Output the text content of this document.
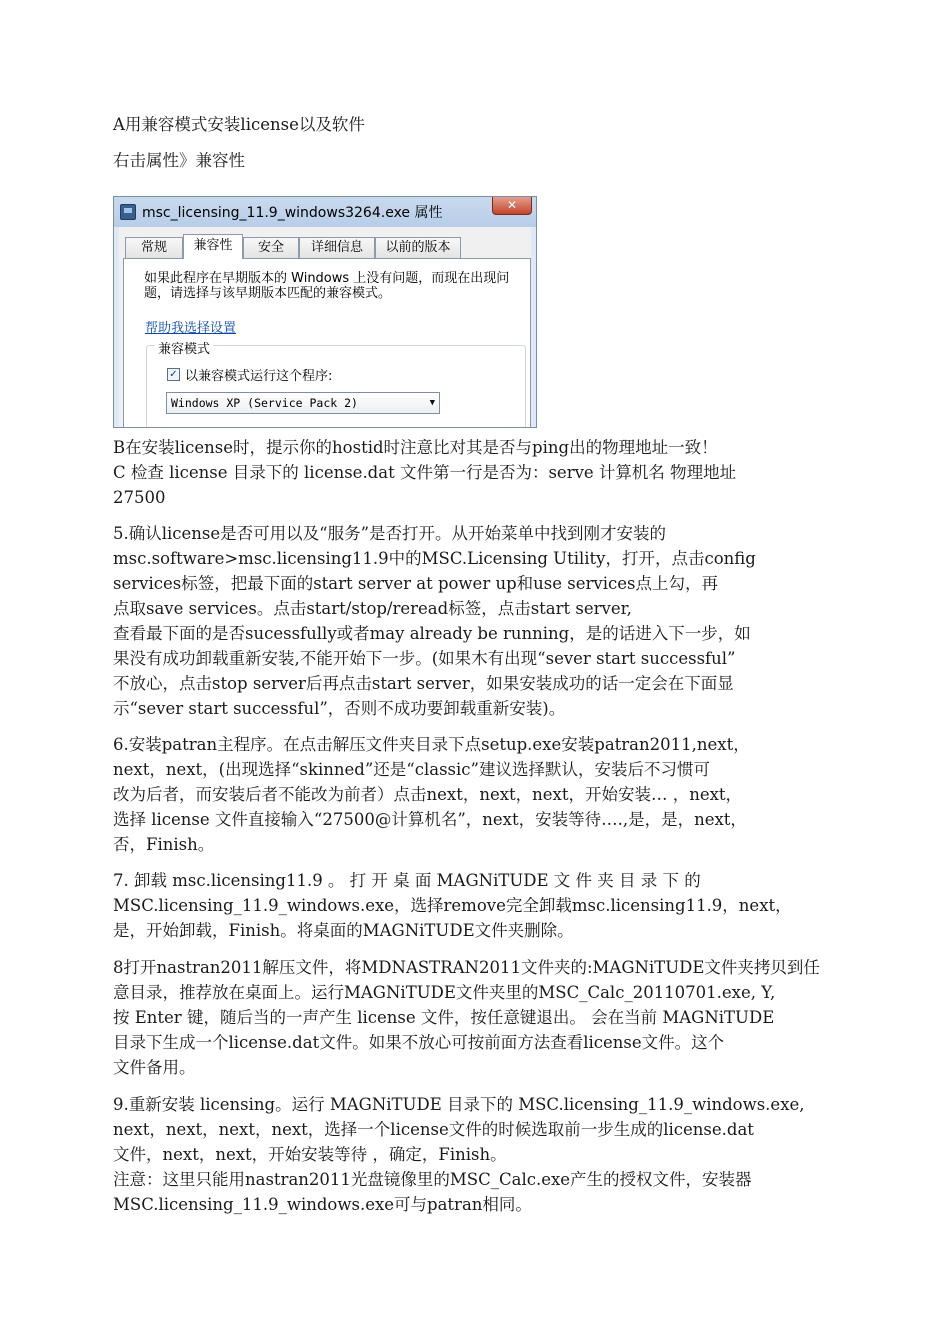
A用兼容模式安装license以及软件
右击属性》兼容性
msc_licensing_11.9_windows3264.exe 属性	✕
常规	兼容性	安全	详细信息	以前的版本
如果此程序在早期版本的 Windows 上没有问题，而现在出现问题，请选择与该早期版本匹配的兼容模式。
帮助我选择设置
兼容模式
✓ 以兼容模式运行这个程序:
Windows XP (Service Pack 2)	▼
B在安装license时，提示你的hostid时注意比对其是否与ping出的物理地址一致！
C 检查 license 目录下的 license.dat 文件第一行是否为：serve 计算机名 物理地址
27500
5.确认license是否可用以及“服务”是否打开。从开始菜单中找到刚才安装的
msc.software>msc.licensing11.9中的MSC.Licensing Utility，打开，点击config
services标签，把最下面的start server at power up和use services点上勾，再
点取save services。点击start/stop/reread标签，点击start server,
查看最下面的是否sucessfully或者may already be running，是的话进入下一步，如
果没有成功卸载重新安装,不能开始下一步。(如果木有出现“sever start successful”
不放心，点击stop server后再点击start server，如果安装成功的话一定会在下面显
示“sever start successful”，否则不成功要卸载重新安装)。
6.安装patran主程序。在点击解压文件夹目录下点setup.exe安装patran2011,next，
next，next，(出现选择“skinned”还是“classic”建议选择默认，安装后不习惯可
改为后者，而安装后者不能改为前者）点击next，next，next，开始安装… ，next，
选择 license 文件直接输入“27500@计算机名”，next，安装等待….,是，是，next，
否，Finish。
7. 卸载 msc.licensing11.9 。 打 开 桌 面 MAGNiTUDE 文 件 夹 目 录 下 的
MSC.licensing_11.9_windows.exe，选择remove完全卸载msc.licensing11.9，next，
是，开始卸载，Finish。将桌面的MAGNiTUDE文件夹删除。
8打开nastran2011解压文件，将MDNASTRAN2011文件夹的:MAGNiTUDE文件夹拷贝到任
意目录，推荐放在桌面上。运行MAGNiTUDE文件夹里的MSC_Calc_20110701.exe, Y,
按 Enter 键，随后当的一声产生 license 文件，按任意键退出。 会在当前 MAGNiTUDE
目录下生成一个license.dat文件。如果不放心可按前面方法查看license文件。这个
文件备用。
9.重新安装 licensing。运行 MAGNiTUDE 目录下的 MSC.licensing_11.9_windows.exe,
next，next，next，next，选择一个license文件的时候选取前一步生成的license.dat
文件，next，next，开始安装等待 ，确定，Finish。
注意：这里只能用nastran2011光盘镜像里的MSC_Calc.exe产生的授权文件，安装器
MSC.licensing_11.9_windows.exe可与patran相同。
